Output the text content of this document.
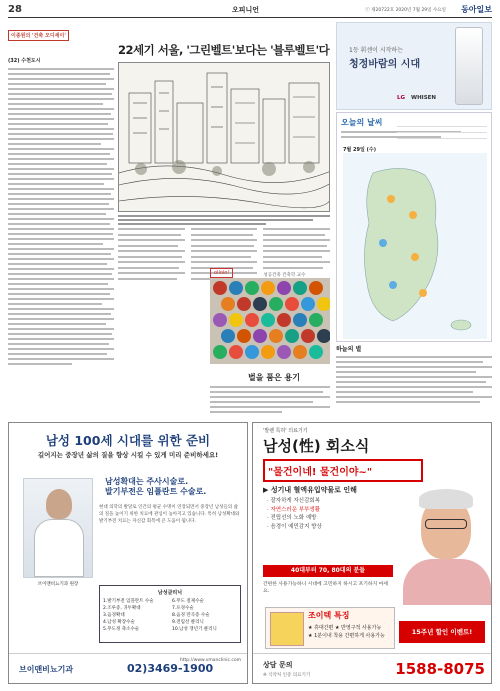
28	오피니언	ⓒ 제20722호 2020년 7월 29일 수요일 동아일보
이종원의 '건축 오디세이'
(32) 수천도시
22세기 서울, '그린벨트'보다는 '블루벨트'다
성공건축 건축학 교수
ollolo!
벌을 품은 용기
1등 휘센이 시작하는
청정바람의 시대
LG WHISEN
오늘의 날씨
7월 29일 (수)
하늘의 별
남성 100세 시대를 위한 준비
길어지는 중장년 삶의 질을 향상 시킬 수 있게 미리 준비하세요!
브이맨비뇨기과 원장
남성확대는 주사시술로.
발기부전은 임플란트 수술로.
현대 의학의 발달로 인간의 평균 수명이 연장되면서 중장년 남성들의 삶의 질을 높이기 위한 치료에 관심이 높아지고 있습니다. 특히 남성확대와 발기부전 치료는 자신감 회복에 큰 도움이 됩니다.
남성클리닉
1.발기부전 임플란트 수술	6.무도 절제수술
2.조루증, 귀두확대	7.포경수술
3.음경확대	8.음경 만곡증 수술
4.남성 확장수술	9.전립선 클리닉
5.무도정 축소수술	10.남성 갱년기 클리닉
브이맨비뇨기과	02)3469-1900
http://www.vmanclinic.com
'발렌 특허' 의료기기
남성(性) 회소식
"물건이네! 물건이야~"
▶ 성기내 혈액유입약물로 인해
· 잘자하게 자신감회복
· 자연스러운 부부생활
· 전립선의 노화 예방
· 음경이 예민감지 향상
40대부터 70, 80대의 분들
간편한 사용가능하니 시대에 고민하지 하시고 포기하지 마세요.
조이텍 특징
★ 휴대간편 ★ 반영구적 사용가능
★ 1분이내 착용 간편하게 사용가능	15주년 할인 이벤트!
상담 문의
※ 식약처 인증 의료기기	1588-8075
